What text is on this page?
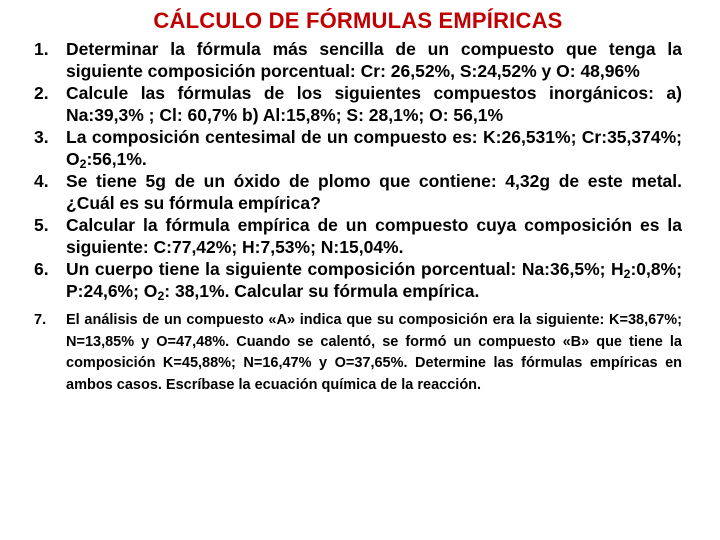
CÁLCULO DE FÓRMULAS EMPÍRICAS
1. Determinar la fórmula más sencilla de un compuesto que tenga la siguiente composición porcentual: Cr: 26,52%, S:24,52% y O: 48,96%
2. Calcule las fórmulas de los siguientes compuestos inorgánicos: a) Na:39,3% ; Cl: 60,7% b) Al:15,8%; S: 28,1%; O: 56,1%
3. La composición centesimal de un compuesto es: K:26,531%; Cr:35,374%; $O_2:56,1\%$.
4. Se tiene 5g de un óxido de plomo que contiene: 4,32g de este metal. ¿Cuál es su fórmula empírica?
5. Calcular la fórmula empírica de un compuesto cuya composición es la siguiente: C:77,42%; H:7,53%; N:15,04%.
6. Un cuerpo tiene la siguiente composición porcentual: Na:36,5%; $H_2:0,8\%$; P:24,6%; $O_2$: 38,1%. Calcular su fórmula empírica.
7.	El análisis de un compuesto «A» indica que su composición era la siguiente: K=38,67%; N=13,85% y O=47,48%. Cuando se calentó, se formó un compuesto «B» que tiene la composición K=45,88%; N=16,47% y O=37,65%. Determine las fórmulas empíricas en ambos casos. Escríbase la ecuación química de la reacción.
